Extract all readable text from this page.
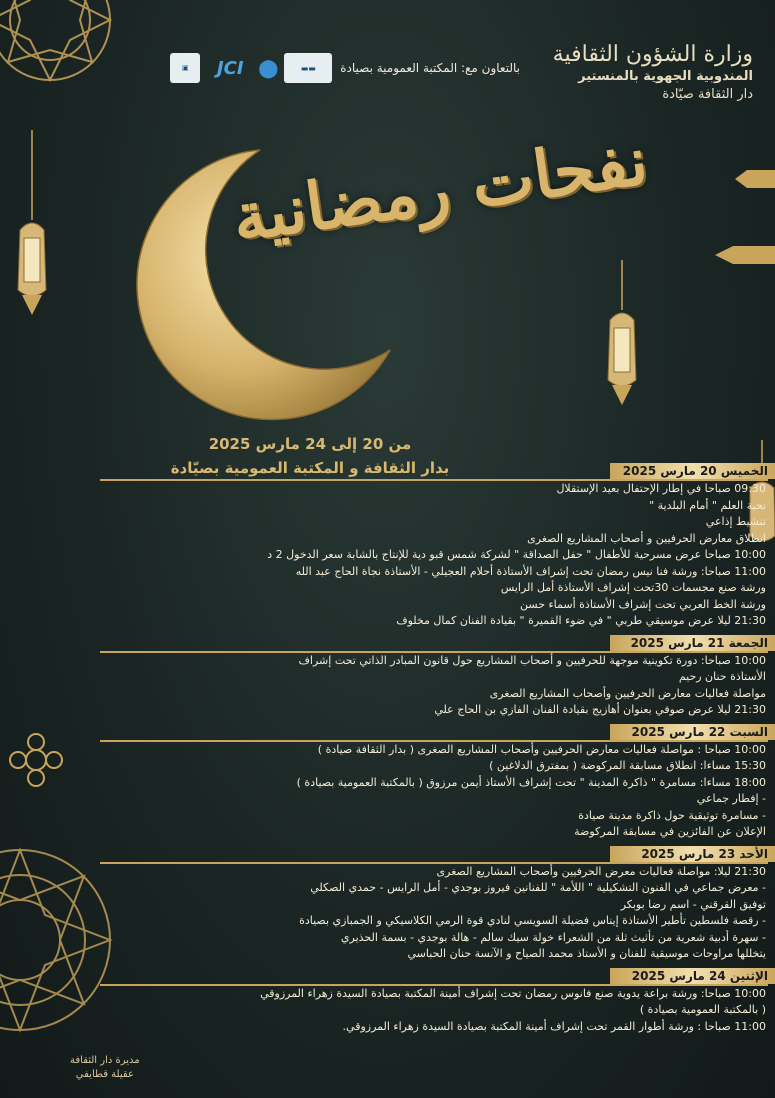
وزارة الشؤون الثقافية
المندوبية الجهوية بالمنستير
دار الثقافة صيّادة
بالتعاون مع: المكتبة العمومية بصيادة
▬▬
⬤
JCI
▣
نفحات رمضانية
من 20 إلى 24 مارس 2025
بدار الثقافة و المكتبة العمومية بصيّادة	الخميس 20 مارس 2025
09:30 صباحا في إطار الإحتفال بعيد الإستقلال
تحية العلم " أمام البلدية "
تنشيط إذاعي
انطلاق معارض الحرفيين و أصحاب المشاريع الصغرى
10:00 صباحا عرض مسرحية للأطفال " حفل الصداقة " لشركة شمس قبو دية للإنتاج بالشابة سعر الدخول 2 د
11:00 صباحا: ورشة فنا نيس رمضان تحت إشراف الأستاذة أحلام العجيلي - الأستاذة نجاة الحاج عبد الله
ورشة صنع مجسمات 30تحت إشراف الأستاذة أمل الرايس
ورشة الخط العربي تحت إشراف الأستاذة أسماء حسن
21:30 ليلا عرض موسيقي طربي " في ضوء القميرة " بقيادة الفنان كمال مخلوف
الجمعة 21 مارس 2025
10:00 صباحا: دورة تكوينية موجهة للحرفيين و أصحاب المشاريع حول قانون المبادر الذاتي تحت إشراف
الأستاذة حنان رحيم
مواصلة فعاليات معارض الحرفيين وأصحاب المشاريع الصغرى
21:30 ليلا عرض صوفي بعنوان أهازيج بقيادة الفنان الفازي بن الحاج علي
السبت 22 مارس 2025
10:00 صباحا : مواصلة فعاليات معارض الحرفيين وأصحاب المشاريع الصغرى ( بدار الثقافة صيادة )
15:30 مساءا: انطلاق مسابقة المركوضة ( بمفترق الدلاغين )
18:00 مساءا: مسامرة " ذاكرة المدينة " تحت إشراف الأستاذ أيمن مرزوق ( بالمكتبة العمومية بصيادة )
- إفطار جماعي
- مسامرة توثيقية حول ذاكرة مدينة صيادة
الإعلان عن الفائزين في مسابقة المركوضة
الأحد 23 مارس 2025
21:30 ليلا: مواصلة فعاليات معرض الحرفيين وأصحاب المشاريع الصغرى
- معرض جماعي في الفنون التشكيلية " اللأمة " للفنانين فيروز بوجدي - أمل الرايس - حمدي الصكلي
توفيق القرقني - اسم رضا بوبكر
- رقصة فلسطين تأطير الأستاذة إيناس فضيلة السويسي لنادي قوة الرمي الكلاسيكي و الجمبازي بصيادة
- سهرة أدبية شعرية من تأثيث ثلة من الشعراء خولة سيك سالم - هالة بوجدي - بسمة الحذيري
يتخللها مراوحات موسيقية للفنان و الأستاذ محمد الصياح و الآنسة حنان الحباسي
الإثنين 24 مارس 2025
10:00 صباحا: ورشة براعة يدوية صنع فانوس رمضان تحت إشراف أمينة المكتبة بصيادة السيدة زهراء المرزوقي
( بالمكتبة العمومية بصيادة )
11:00 صباحا : ورشة أطوار القمر تحت إشراف أمينة المكتبة بصيادة السيدة زهراء المرزوقي.
مديرة دار الثقافة
عقيلة قطايفي
